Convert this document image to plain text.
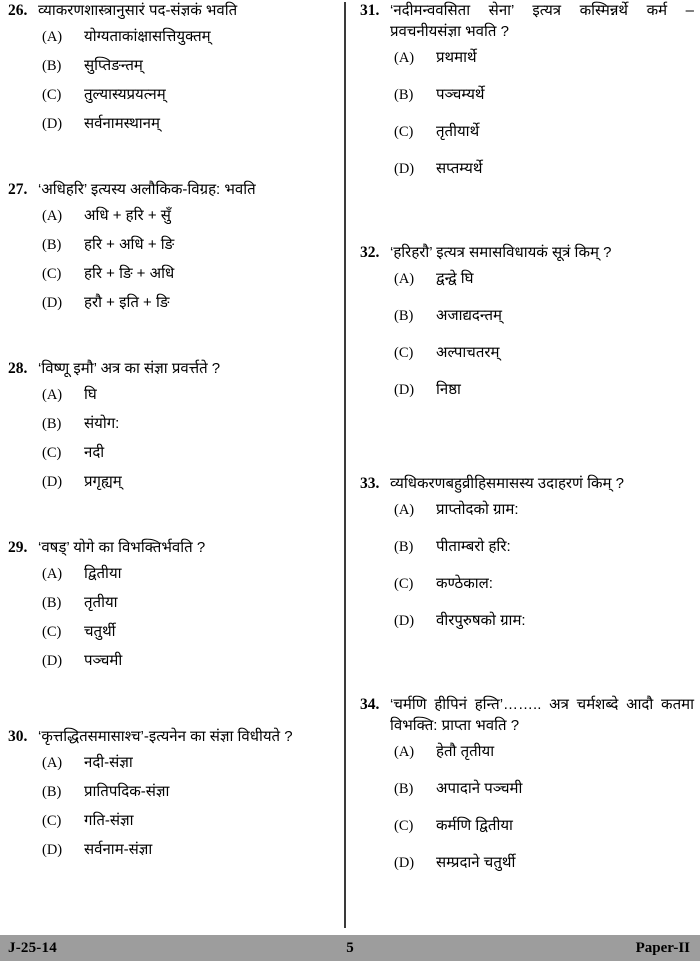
26. व्याकरणशास्त्रानुसारं पद-संज्ञकं भवति
(A)	योग्यताकांक्षासत्तियुक्तम्
(B)	सुप्तिङन्तम्
(C)	तुल्यास्यप्रयत्नम्
(D)	सर्वनामस्थानम्
27. ‘अधिहरि’ इत्यस्य अलौकिक-विग्रह: भवति
(A)	अधि + हरि + सुँ
(B)	हरि + अधि + ङि
(C)	हरि + ङि + अधि
(D)	हरौ + इति + ङि
28. ‘विष्णू इमौ’ अत्र का संज्ञा प्रवर्त्तते ?
(A)	घि
(B)	संयोग:
(C)	नदी
(D)	प्रगृह्यम्
29. ‘वषड्’ योगे का विभक्तिर्भवति ?
(A)	द्वितीया
(B)	तृतीया
(C)	चतुर्थी
(D)	पञ्चमी
30. ‘कृत्तद्धितसमासाश्च’-इत्यनेन का संज्ञा विधीयते ?
(A)	नदी-संज्ञा
(B)	प्रातिपदिक-संज्ञा
(C)	गति-संज्ञा
(D)	सर्वनाम-संज्ञा
31. ‘नदीमन्ववसिता सेना’ इत्यत्र कस्मिन्नर्थे कर्म – प्रवचनीयसंज्ञा भवति ?
(A)	प्रथमार्थे
(B)	पञ्चम्यर्थे
(C)	तृतीयार्थे
(D)	सप्तम्यर्थे
32. ‘हरिहरौ’ इत्यत्र समासविधायकं सूत्रं किम् ?
(A)	द्वन्द्वे घि
(B)	अजाद्यदन्तम्
(C)	अल्पाचतरम्
(D)	निष्ठा
33. व्यधिकरणबहुव्रीहिसमासस्य उदाहरणं किम् ?
(A)	प्राप्तोदको ग्राम:
(B)	पीताम्बरो हरि:
(C)	कण्ठेकाल:
(D)	वीरपुरुषको ग्राम:
34. ‘चर्मणि हीपिनं हन्ति’…….. अत्र चर्मशब्दे आदौ कतमा विभक्ति: प्राप्ता भवति ?
(A)	हेतौ तृतीया
(B)	अपादाने पञ्चमी
(C)	कर्मणि द्वितीया
(D)	सम्प्रदाने चतुर्थी
J-25-14	5	Paper-II
